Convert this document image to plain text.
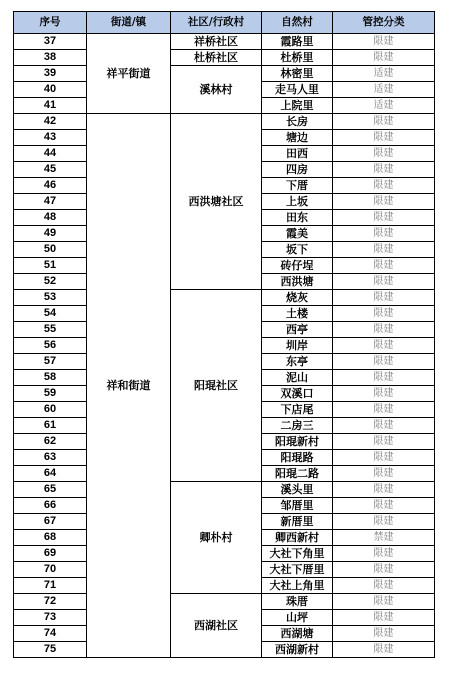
序号	街道/镇	社区/行政村	自然村	管控分类
37	祥平街道	祥桥社区	霞路里	限建
38		杜桥社区	杜桥里	限建
39		溪林村	林密里	适建
40			走马人里	适建
41			上院里	适建
42	祥和街道	西洪塘社区	长房	限建
43			塘边	限建
44			田西	限建
45			四房	限建
46			下厝	限建
47			上坂	限建
48			田东	限建
49			霞美	限建
50			坂下	限建
51			砖仔埕	限建
52			西洪塘	限建
53		阳琨社区	烧灰	限建
54			土楼	限建
55			西亭	限建
56			圳岸	限建
57			东亭	限建
58			泥山	限建
59			双溪口	限建
60			下店尾	限建
61			二房三	限建
62			阳琨新村	限建
63			阳琨路	限建
64			阳琨二路	限建
65		卿朴村	溪头里	限建
66			邹厝里	限建
67			新厝里	限建
68			卿西新村	禁建
69			大社下角里	限建
70			大社下厝里	限建
71			大社上角里	限建
72		西湖社区	珠厝	限建
73			山坪	限建
74			西湖塘	限建
75			西湖新村	限建
